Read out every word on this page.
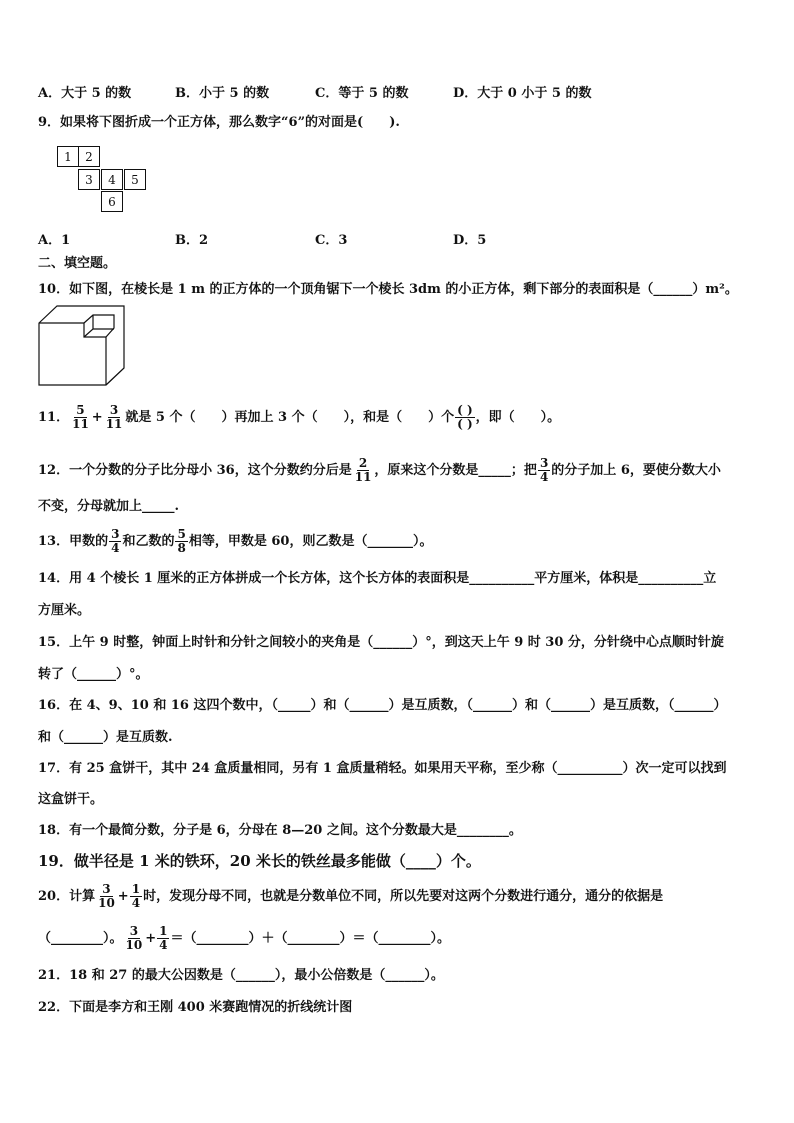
A．大于 5 的数	B．小于 5 的数	C．等于 5 的数	D．大于 0 小于 5 的数
9．如果将下图折成一个正方体，那么数字“6”的对面是(　　).
1	2
3	4	5
6
A．1	B．2	C．3	D．5
二、填空题。
10．如下图，在棱长是 1 m 的正方体的一个顶角锯下一个棱长 3dm 的小正方体，剩下部分的表面积是（______）m²。
11． $\frac{5}{11} + \frac{3}{11}$ 就是 5 个（　　）再加上 3 个（　　），和是（　　）个 $\frac{( )}{( )}$ ，即（　　）。
12．一个分数的分子比分母小 36，这个分数约分后是 $\frac{2}{11}$ ，原来这个分数是_____；把 $\frac{3}{4}$ 的分子加上 6，要使分数大小
不变，分母就加上_____.
13．甲数的 $\frac{3}{4}$ 和乙数的 $\frac{5}{8}$ 相等，甲数是 60，则乙数是（_______）。
14．用 4 个棱长 1 厘米的正方体拼成一个长方体，这个长方体的表面积是__________平方厘米，体积是__________立
方厘米。
15．上午 9 时整，钟面上时针和分针之间较小的夹角是（______）°，到这天上午 9 时 30 分，分针绕中心点顺时针旋
转了（______）°。
16．在 4、9、10 和 16 这四个数中，（_____）和（______）是互质数，（______）和（______）是互质数，（______）
和（______）是互质数.
17．有 25 盒饼干，其中 24 盒质量相同，另有 1 盒质量稍轻。如果用天平称，至少称（__________）次一定可以找到
这盒饼干。
18．有一个最简分数，分子是 6，分母在 8—20 之间。这个分数最大是________。
19．做半径是 1 米的铁环，20 米长的铁丝最多能做（____）个。
20．计算 $\frac{3}{10} + \frac{1}{4}$ 时，发现分母不同，也就是分数单位不同，所以先要对这两个分数进行通分，通分的依据是
（________）。 $\frac{3}{10} + \frac{1}{4}$ ＝（________）＋（________）＝（________）。
21．18 和 27 的最大公因数是（______），最小公倍数是（______）。
22．下面是李方和王刚 400 米赛跑情况的折线统计图
